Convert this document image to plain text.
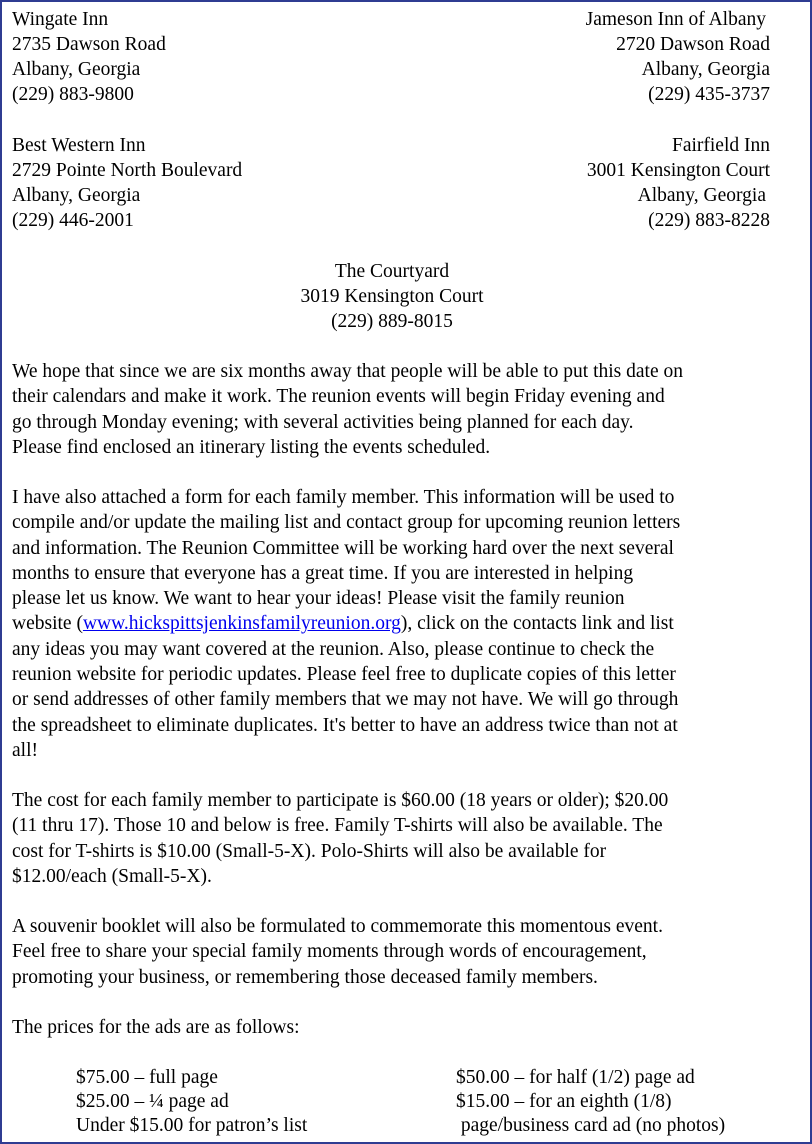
Wingate Inn
2735 Dawson Road
Albany, Georgia
(229) 883-9800
Jameson Inn of Albany
2720 Dawson Road
Albany, Georgia
(229) 435-3737
Best Western Inn
2729 Pointe North Boulevard
Albany, Georgia
(229) 446-2001
Fairfield Inn
3001 Kensington Court
Albany, Georgia
(229) 883-8228
The Courtyard
3019 Kensington Court
(229) 889-8015

We hope that since we are six months away that people will be able to put this date on

their calendars and make it work. The reunion events will begin Friday evening and

go through Monday evening; with several activities being planned for each day.

Please find enclosed an itinerary listing the events scheduled.

I have also attached a form for each family member. This information will be used to

compile and/or update the mailing list and contact group for upcoming reunion letters

and information. The Reunion Committee will be working hard over the next several

months to ensure that everyone has a great time. If you are interested in helping

please let us know. We want to hear your ideas! Please visit the family reunion

website (www.hickspittsjenkinsfamilyreunion.org), click on the contacts link and list

any ideas you may want covered at the reunion. Also, please continue to check the

reunion website for periodic updates. Please feel free to duplicate copies of this letter

or send addresses of other family members that we may not have. We will go through

the spreadsheet to eliminate duplicates. It's better to have an address twice than not at

all!

The cost for each family member to participate is $60.00 (18 years or older); $20.00

(11 thru 17). Those 10 and below is free. Family T-shirts will also be available. The

cost for T-shirts is $10.00 (Small-5-X). Polo-Shirts will also be available for

$12.00/each (Small-5-X).

A souvenir booklet will also be formulated to commemorate this momentous event.

Feel free to share your special family moments through words of encouragement,

promoting your business, or remembering those deceased family members.

The prices for the ads are as follows:
$75.00 – full page
$25.00 – ¼ page ad
Under $15.00 for patron’s list
$50.00 – for half (1/2) page ad
$15.00 – for an eighth (1/8)
page/business card ad (no photos)
